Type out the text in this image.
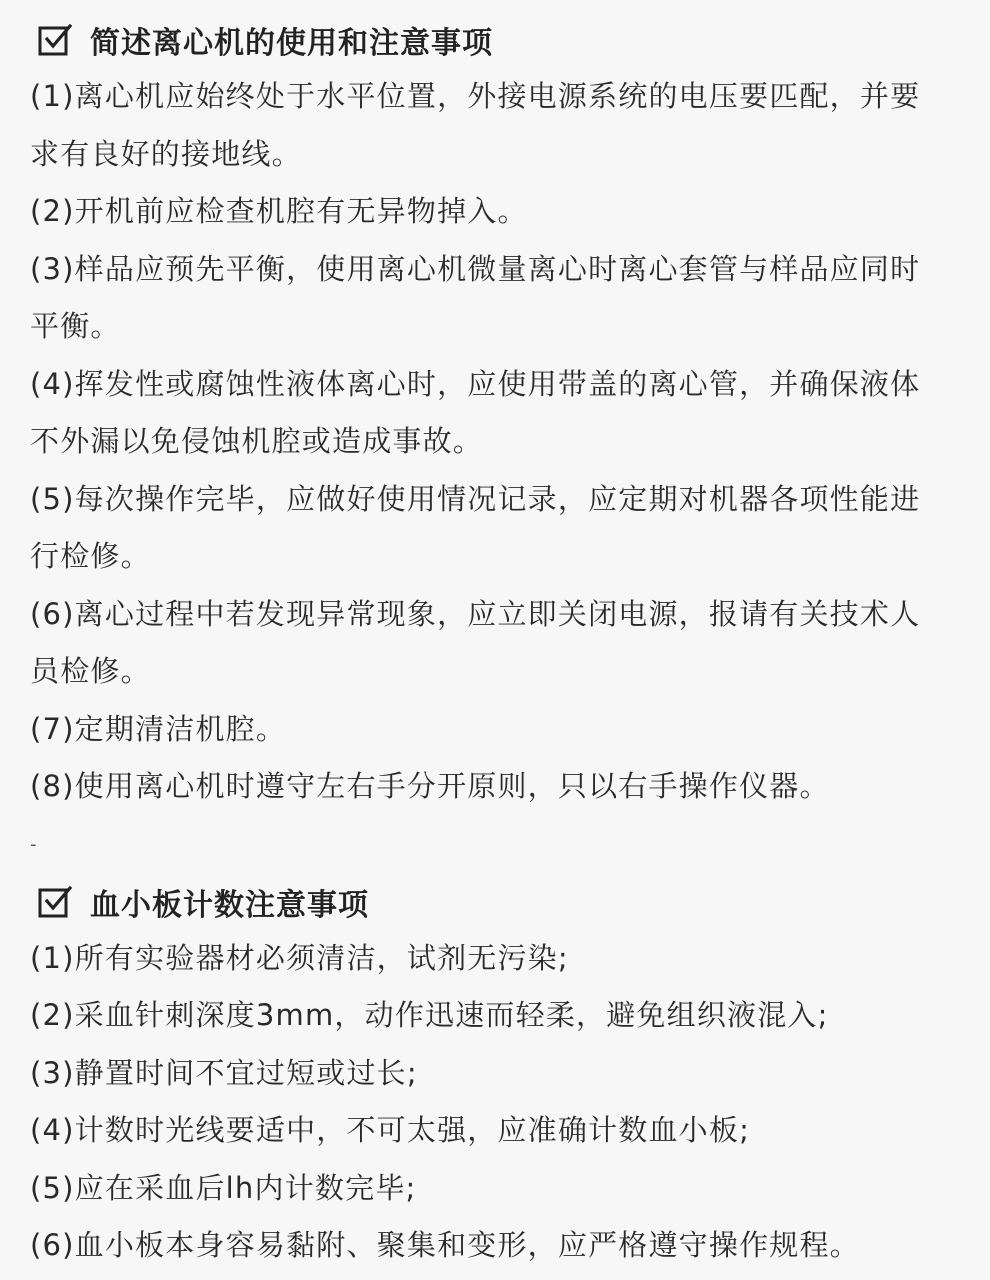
简述离心机的使用和注意事项

(1)离心机应始终处于水平位置，外接电源系统的电压要匹配，并要求有良好的接地线。

(2)开机前应检查机腔有无异物掉入。

(3)样品应预先平衡，使用离心机微量离心时离心套管与样品应同时平衡。

(4)挥发性或腐蚀性液体离心时，应使用带盖的离心管，并确保液体不外漏以免侵蚀机腔或造成事故。

(5)每次操作完毕，应做好使用情况记录，应定期对机器各项性能进行检修。

(6)离心过程中若发现异常现象，应立即关闭电源，报请有关技术人员检修。

(7)定期清洁机腔。

(8)使用离心机时遵守左右手分开原则，只以右手操作仪器。

-

血小板计数注意事项

(1)所有实验器材必须清洁，试剂无污染;

(2)采血针刺深度3mm，动作迅速而轻柔，避免组织液混入;

(3)静置时间不宜过短或过长;

(4)计数时光线要适中，不可太强，应准确计数血小板;

(5)应在采血后lh内计数完毕;

(6)血小板本身容易黏附、聚集和变形，应严格遵守操作规程。
